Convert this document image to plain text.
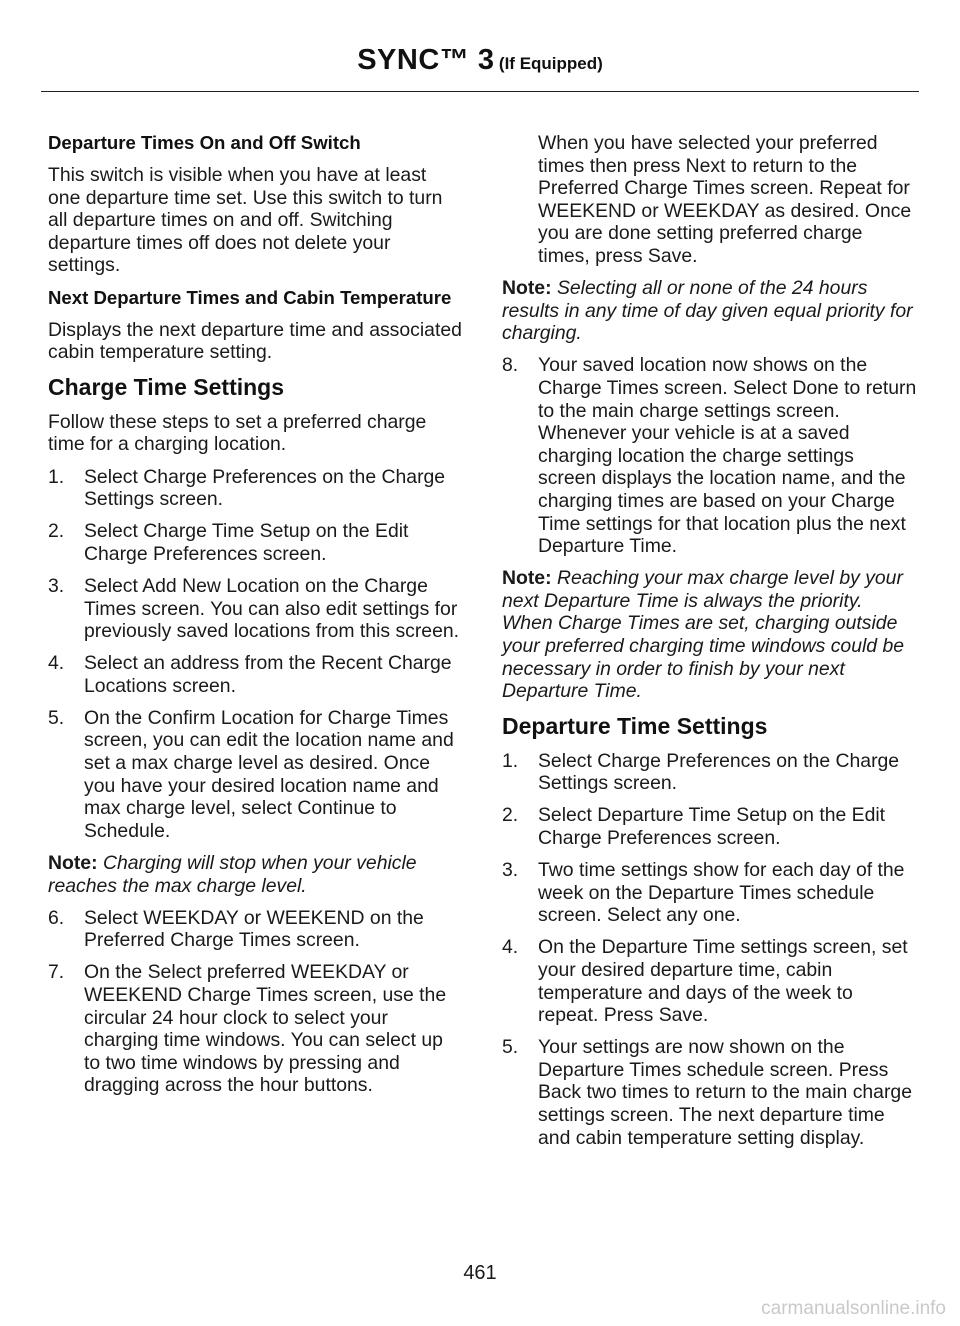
SYNC™ 3 (If Equipped)

Departure Times On and Off Switch

This switch is visible when you have at least one departure time set. Use this switch to turn all departure times on and off. Switching departure times off does not delete your settings.

Next Departure Times and Cabin Temperature

Displays the next departure time and associated cabin temperature setting.

Charge Time Settings

Follow these steps to set a preferred charge time for a charging location.

1. Select Charge Preferences on the Charge Settings screen.
2. Select Charge Time Setup on the Edit Charge Preferences screen.
3. Select Add New Location on the Charge Times screen. You can also edit settings for previously saved locations from this screen.
4. Select an address from the Recent Charge Locations screen.
5. On the Confirm Location for Charge Times screen, you can edit the location name and set a max charge level as desired. Once you have your desired location name and max charge level, select Continue to Schedule.

Note: Charging will stop when your vehicle reaches the max charge level.

6. Select WEEKDAY or WEEKEND on the Preferred Charge Times screen.
7. On the Select preferred WEEKDAY or WEEKEND Charge Times screen, use the circular 24 hour clock to select your charging time windows. You can select up to two time windows by pressing and dragging across the hour buttons.

When you have selected your preferred times then press Next to return to the Preferred Charge Times screen. Repeat for WEEKEND or WEEKDAY as desired. Once you are done setting preferred charge times, press Save.

Note: Selecting all or none of the 24 hours results in any time of day given equal priority for charging.

8. Your saved location now shows on the Charge Times screen. Select Done to return to the main charge settings screen. Whenever your vehicle is at a saved charging location the charge settings screen displays the location name, and the charging times are based on your Charge Time settings for that location plus the next Departure Time.

Note: Reaching your max charge level by your next Departure Time is always the priority. When Charge Times are set, charging outside your preferred charging time windows could be necessary in order to finish by your next Departure Time.

Departure Time Settings

1. Select Charge Preferences on the Charge Settings screen.
2. Select Departure Time Setup on the Edit Charge Preferences screen.
3. Two time settings show for each day of the week on the Departure Times schedule screen. Select any one.
4. On the Departure Time settings screen, set your desired departure time, cabin temperature and days of the week to repeat. Press Save.
5. Your settings are now shown on the Departure Times schedule screen. Press Back two times to return to the main charge settings screen. The next departure time and cabin temperature setting display.
461
carmanualsonline.info
